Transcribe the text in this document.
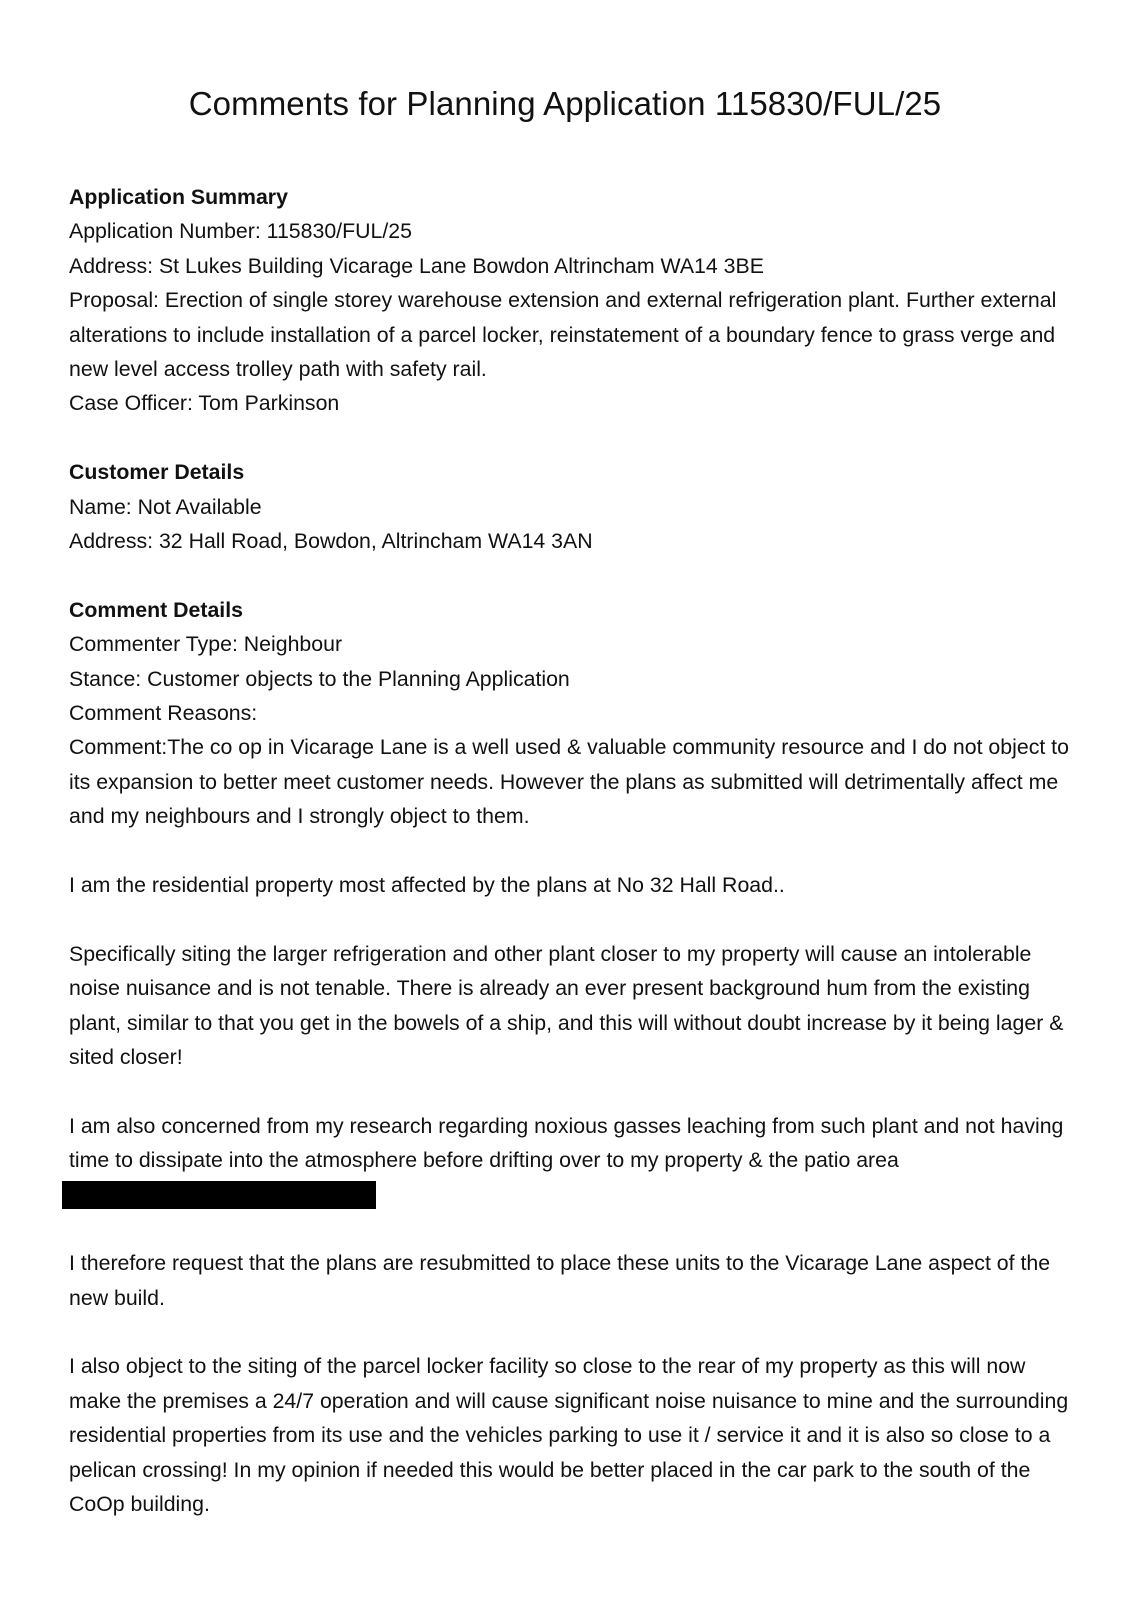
Comments for Planning Application 115830/FUL/25
Application Summary

Application Number: 115830/FUL/25

Address: St Lukes Building Vicarage Lane Bowdon Altrincham WA14 3BE

Proposal: Erection of single storey warehouse extension and external refrigeration plant. Further external alterations to include installation of a parcel locker, reinstatement of a boundary fence to grass verge and new level access trolley path with safety rail.

Case Officer: Tom Parkinson

Customer Details

Name: Not Available

Address: 32 Hall Road, Bowdon, Altrincham WA14 3AN

Comment Details

Commenter Type: Neighbour

Stance: Customer objects to the Planning Application

Comment Reasons:

Comment:The co op in Vicarage Lane is a well used & valuable community resource and I do not object to its expansion to better meet customer needs. However the plans as submitted will detrimentally affect me and my neighbours and I strongly object to them.

I am the residential property most affected by the plans at No 32 Hall Road..

Specifically siting the larger refrigeration and other plant closer to my property will cause an intolerable noise nuisance and is not tenable. There is already an ever present background hum from the existing plant, similar to that you get in the bowels of a ship, and this will without doubt increase by it being lager & sited closer!

I am also concerned from my research regarding noxious gasses leaching from such plant and not having time to dissipate into the atmosphere before drifting over to my property & the patio area

I therefore request that the plans are resubmitted to place these units to the Vicarage Lane aspect of the new build.

I also object to the siting of the parcel locker facility so close to the rear of my property as this will now make the premises a 24/7 operation and will cause significant noise nuisance to mine and the surrounding residential properties from its use and the vehicles parking to use it / service it and it is also so close to a pelican crossing! In my opinion if needed this would be better placed in the car park to the south of the CoOp building.
